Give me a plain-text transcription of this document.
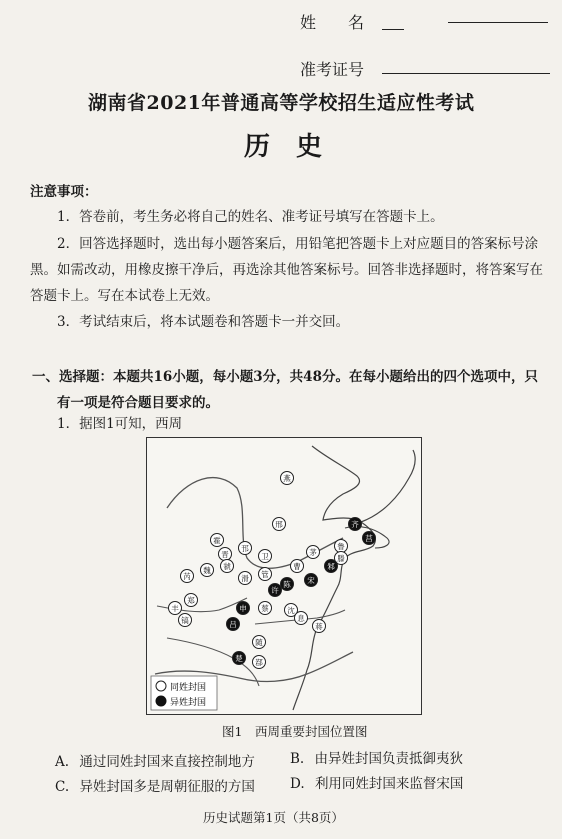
姓　　名
准考证号
湖南省2021年普通高等学校招生适应性考试
历　史
注意事项：
1．答卷前，考生务必将自己的姓名、准考证号填写在答题卡上。
2．回答选择题时，选出每小题答案后，用铅笔把答题卡上对应题目的答案标号涂
黑。如需改动，用橡皮擦干净后，再选涂其他答案标号。回答非选择题时，将答案写在
答题卡上。写在本试卷上无效。
3．考试结束后，将本试题卷和答题卡一并交回。
一、选择题：本题共16小题，每小题3分，共48分。在每小题给出的四个选项中，只
有一项是符合题目要求的。
1．据图1可知，西周
燕
齐
邢
鲁
莒
卫
晋
霍
邘
滕
邾
茅
魏
芮
虢
郑
管
曹
宋
滑
陈
许
蔡
申
吕
沈
息
蒋
丰
镐
随
楚 鄀
同姓封国
异姓封国
图1　西周重要封国位置图
A. 通过同姓封国来直接控制地方	B. 由异姓封国负责抵御夷狄
C. 异姓封国多是周朝征服的方国	D. 利用同姓封国来监督宋国
历史试题第1页（共8页）
